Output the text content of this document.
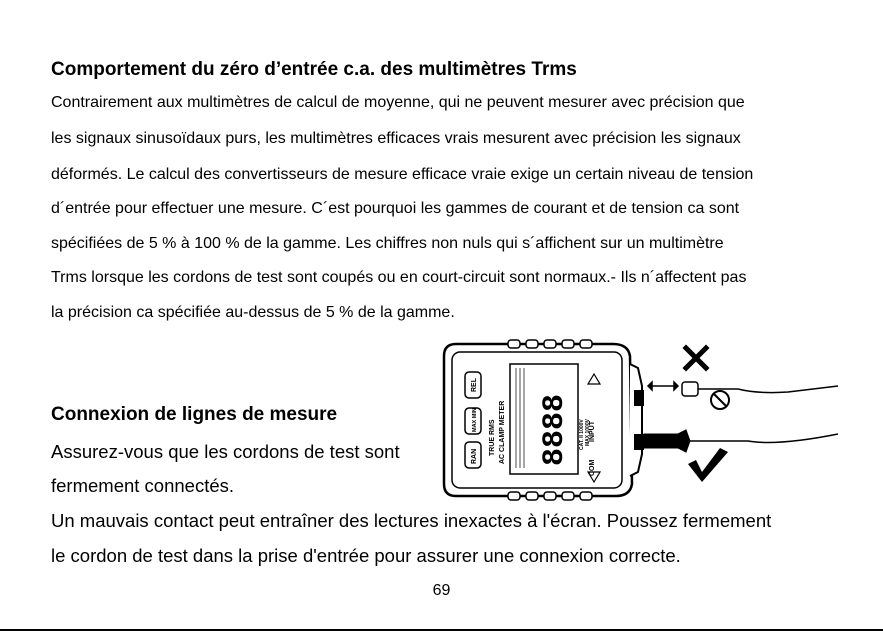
Comportement du zéro d’entrée c.a. des multimètres Trms
Contrairement aux multimètres de calcul de moyenne, qui ne peuvent mesurer avec précision que
les signaux sinusoïdaux purs, les multimètres efficaces vrais mesurent avec précision les signaux
déformés. Le calcul des convertisseurs de mesure efficace vraie exige un certain niveau de tension
d´entrée pour effectuer une mesure. C´est pourquoi les gammes de courant et de tension ca sont
spécifiées de 5 % à 100 % de la gamme. Les chiffres non nuls qui s´affichent sur un multimètre
Trms lorsque les cordons de test sont coupés ou en court-circuit sont normaux.- Ils n´affectent pas
la précision ca spécifiée au-dessus de 5 % de la gamme.
Connexion de lignes de mesure
Assurez-vous que les cordons de test sont
fermement connectés.
Un mauvais contact peut entraîner des lectures inexactes à l'écran. Poussez fermement
le cordon de test dans la prise d'entrée pour assurer une connexion correcte.
REL
MAX MIN
RAN
TRUE RMS AC CLAMP METER 8888
COM
INPUT
CAT. II 1000V MAX 1000V
69
